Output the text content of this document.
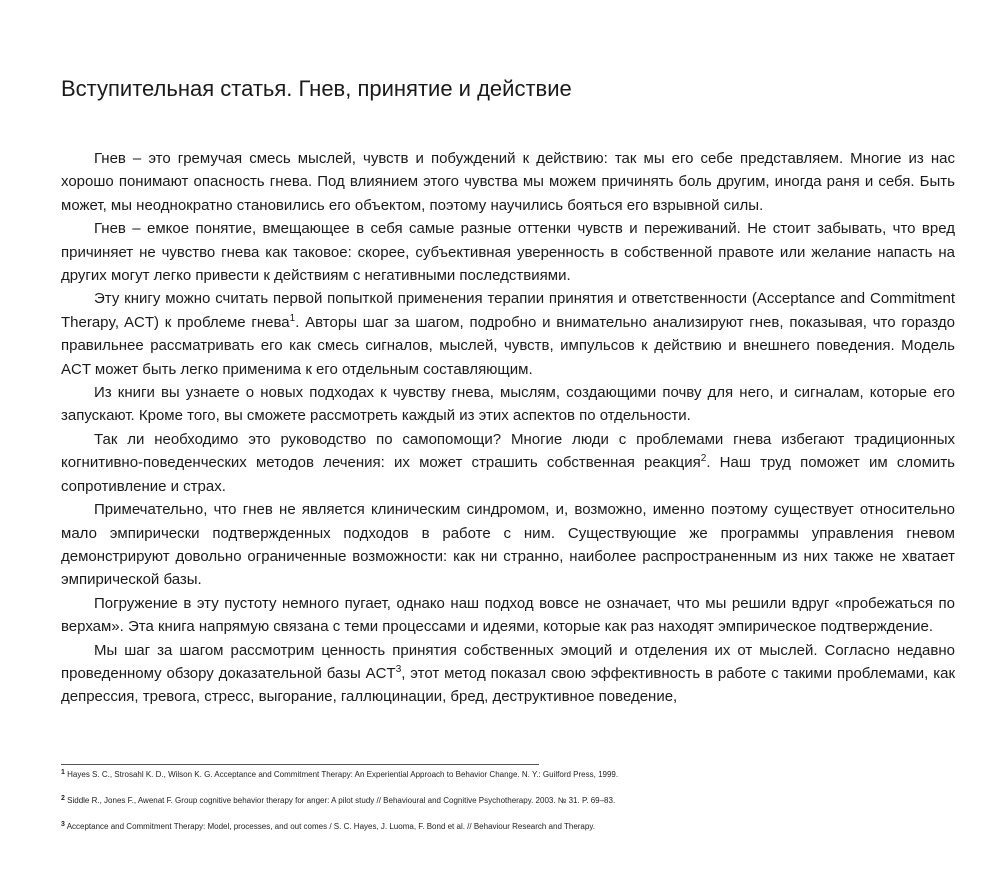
Вступительная статья. Гнев, принятие и действие

Гнев – это гремучая смесь мыслей, чувств и побуждений к действию: так мы его себе представляем. Многие из нас хорошо понимают опасность гнева. Под влиянием этого чувства мы можем причинять боль другим, иногда раня и себя. Быть может, мы неоднократно становились его объектом, поэтому научились бояться его взрывной силы.

Гнев – емкое понятие, вмещающее в себя самые разные оттенки чувств и переживаний. Не стоит забывать, что вред причиняет не чувство гнева как таковое: скорее, субъективная уверенность в собственной правоте или желание напасть на других могут легко привести к действиям с негативными последствиями.

Эту книгу можно считать первой попыткой применения терапии принятия и ответственности (Acceptance and Commitment Therapy, ACT) к проблеме гнева$^1$. Авторы шаг за шагом, подробно и внимательно анализируют гнев, показывая, что гораздо правильнее рассматривать его как смесь сигналов, мыслей, чувств, импульсов к действию и внешнего поведения. Модель ACT может быть легко применима к его отдельным составляющим.

Из книги вы узнаете о новых подходах к чувству гнева, мыслям, создающими почву для него, и сигналам, которые его запускают. Кроме того, вы сможете рассмотреть каждый из этих аспектов по отдельности.

Так ли необходимо это руководство по самопомощи? Многие люди с проблемами гнева избегают традиционных когнитивно-поведенческих методов лечения: их может страшить собственная реакция$^2$. Наш труд поможет им сломить сопротивление и страх.

Примечательно, что гнев не является клиническим синдромом, и, возможно, именно поэтому существует относительно мало эмпирически подтвержденных подходов в работе с ним. Существующие же программы управления гневом демонстрируют довольно ограниченные возможности: как ни странно, наиболее распространенным из них также не хватает эмпирической базы.

Погружение в эту пустоту немного пугает, однако наш подход вовсе не означает, что мы решили вдруг «пробежаться по верхам». Эта книга напрямую связана с теми процессами и идеями, которые как раз находят эмпирическое подтверждение.

Мы шаг за шагом рассмотрим ценность принятия собственных эмоций и отделения их от мыслей. Согласно недавно проведенному обзору доказательной базы ACT$^3$, этот метод показал свою эффективность в работе с такими проблемами, как депрессия, тревога, стресс, выгорание, галлюцинации, бред, деструктивное поведение,

$^1$ Hayes S. C., Strosahl K. D., Wilson K. G. Acceptance and Commitment Therapy: An Experiential Approach to Behavior Change. N. Y.: Guilford Press, 1999.
$^2$ Siddle R., Jones F., Awenat F. Group cognitive behavior therapy for anger: A pilot study // Behavioural and Cognitive Psychotherapy. 2003. № 31. P. 69–83.
$^3$ Acceptance and Commitment Therapy: Model, processes, and out comes / S. C. Hayes, J. Luoma, F. Bond et al. // Behaviour Research and Therapy.
